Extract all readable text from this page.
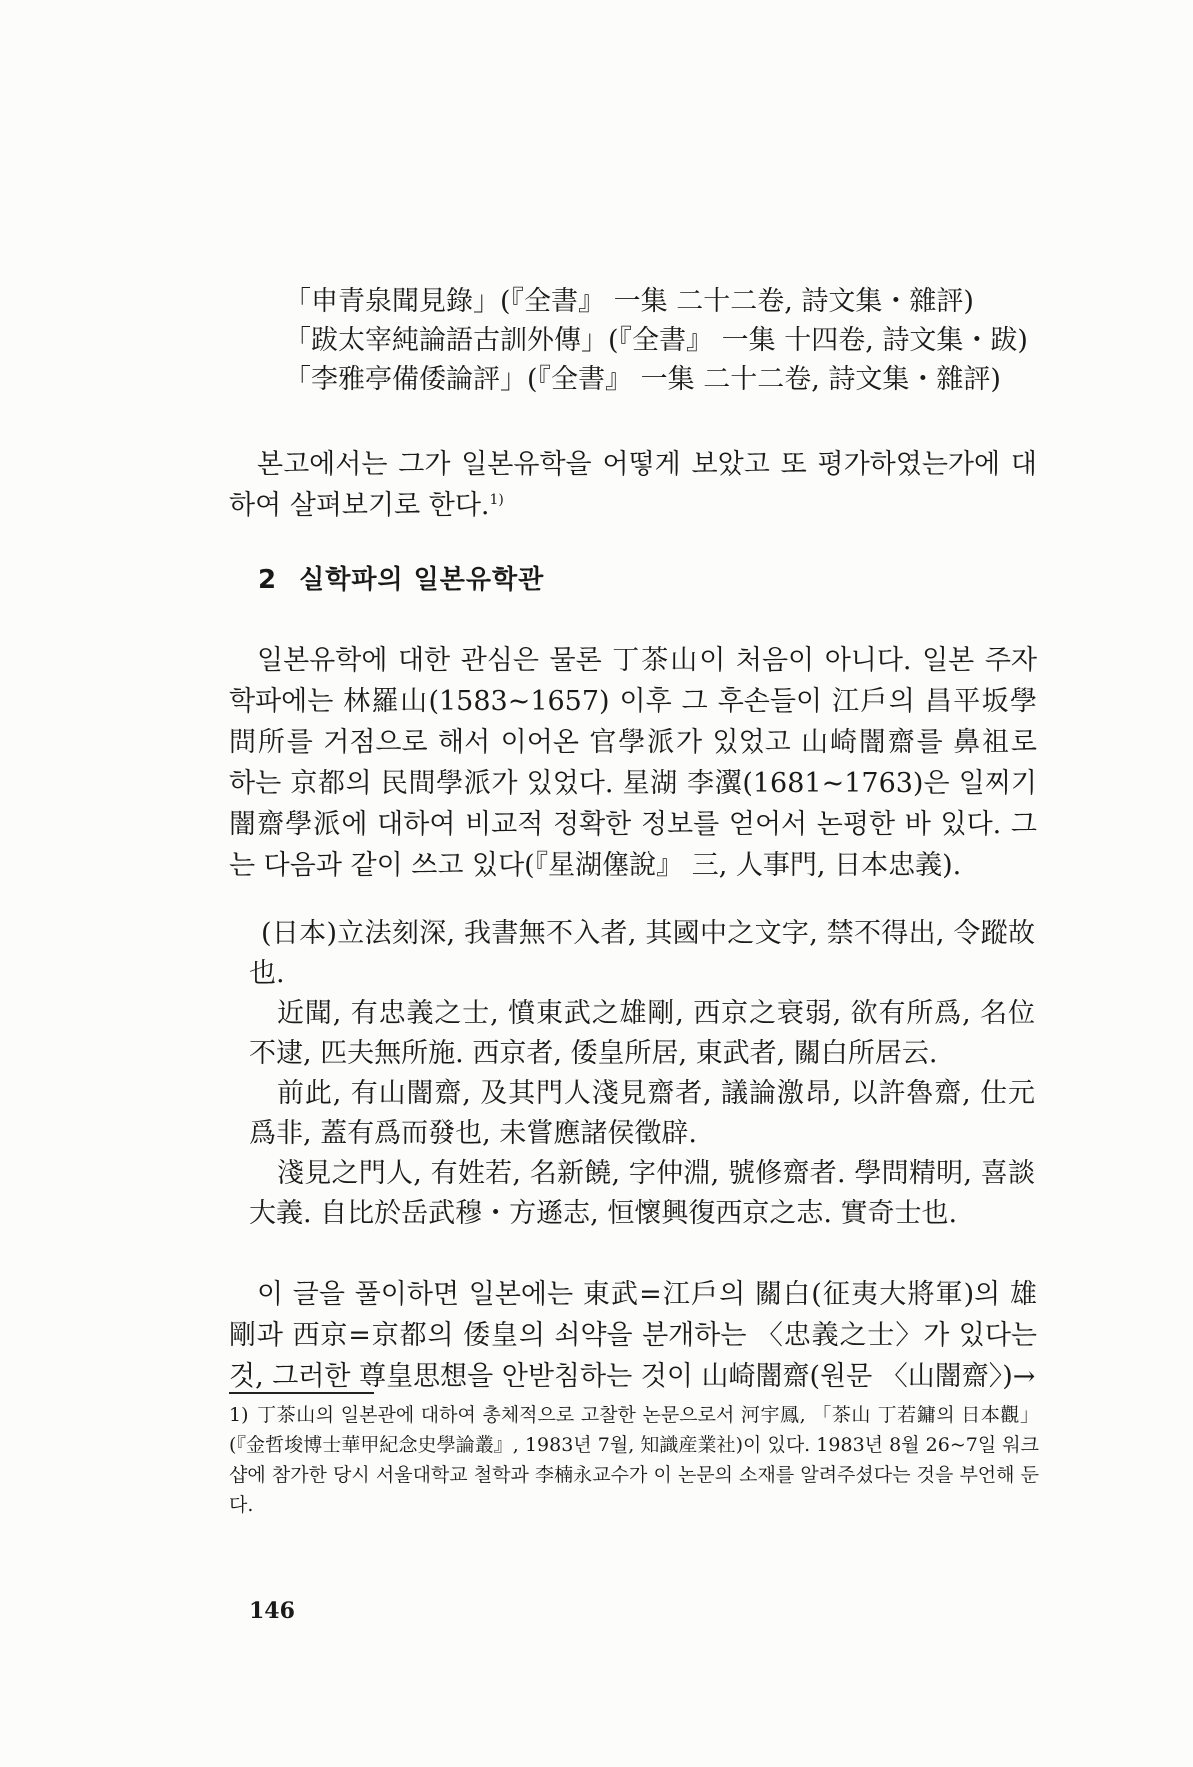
「申青泉聞見錄」(『全書』 一集 二十二卷, 詩文集・雜評)
「跋太宰純論語古訓外傳」(『全書』 一集 十四卷, 詩文集・跋)
「李雅亭備倭論評」(『全書』 一集 二十二卷, 詩文集・雜評)
본고에서는 그가 일본유학을 어떻게 보았고 또 평가하였는가에 대하여 살펴보기로 한다.$^{1)}$
2 실학파의 일본유학관
일본유학에 대한 관심은 물론 丁茶山이 처음이 아니다. 일본 주자학파에는 林羅山(1583~1657) 이후 그 후손들이 江戶의 昌平坂學問所를 거점으로 해서 이어온 官學派가 있었고 山崎闇齋를 鼻祖로 하는 京都의 民間學派가 있었다. 星湖 李瀷(1681~1763)은 일찌기 闇齋學派에 대하여 비교적 정확한 정보를 얻어서 논평한 바 있다. 그는 다음과 같이 쓰고 있다(『星湖僿說』 三, 人事門, 日本忠義).

(日本)立法刻深, 我書無不入者, 其國中之文字, 禁不得出, 令蹤故也.

近聞, 有忠義之士, 憤東武之雄剛, 西京之衰弱, 欲有所爲, 名位不逮, 匹夫無所施. 西京者, 倭皇所居, 東武者, 關白所居云.

前此, 有山闇齋, 及其門人淺見齋者, 議論激昂, 以許魯齋, 仕元爲非, 蓋有爲而發也, 未嘗應諸侯徵辟.

淺見之門人, 有姓若, 名新饒, 字仲淵, 號修齋者. 學問精明, 喜談大義. 自比於岳武穆・方遜志, 恒懷興復西京之志. 實奇士也.

이 글을 풀이하면 일본에는 東武=江戶의 關白(征夷大將軍)의 雄剛과 西京=京都의 倭皇의 쇠약을 분개하는 〈忠義之士〉가 있다는 것, 그러한 尊皇思想을 안받침하는 것이 山崎闇齋(원문 〈山闇齋〉)→
1) 丁茶山의 일본관에 대하여 총체적으로 고찰한 논문으로서 河宇鳳, 「茶山 丁若鏞의 日本觀」(『金哲埈博士華甲紀念史學論叢』, 1983년 7월, 知識産業社)이 있다. 1983년 8월 26~7일 워크샵에 참가한 당시 서울대학교 철학과 李楠永교수가 이 논문의 소재를 알려주셨다는 것을 부언해 둔다.
146
